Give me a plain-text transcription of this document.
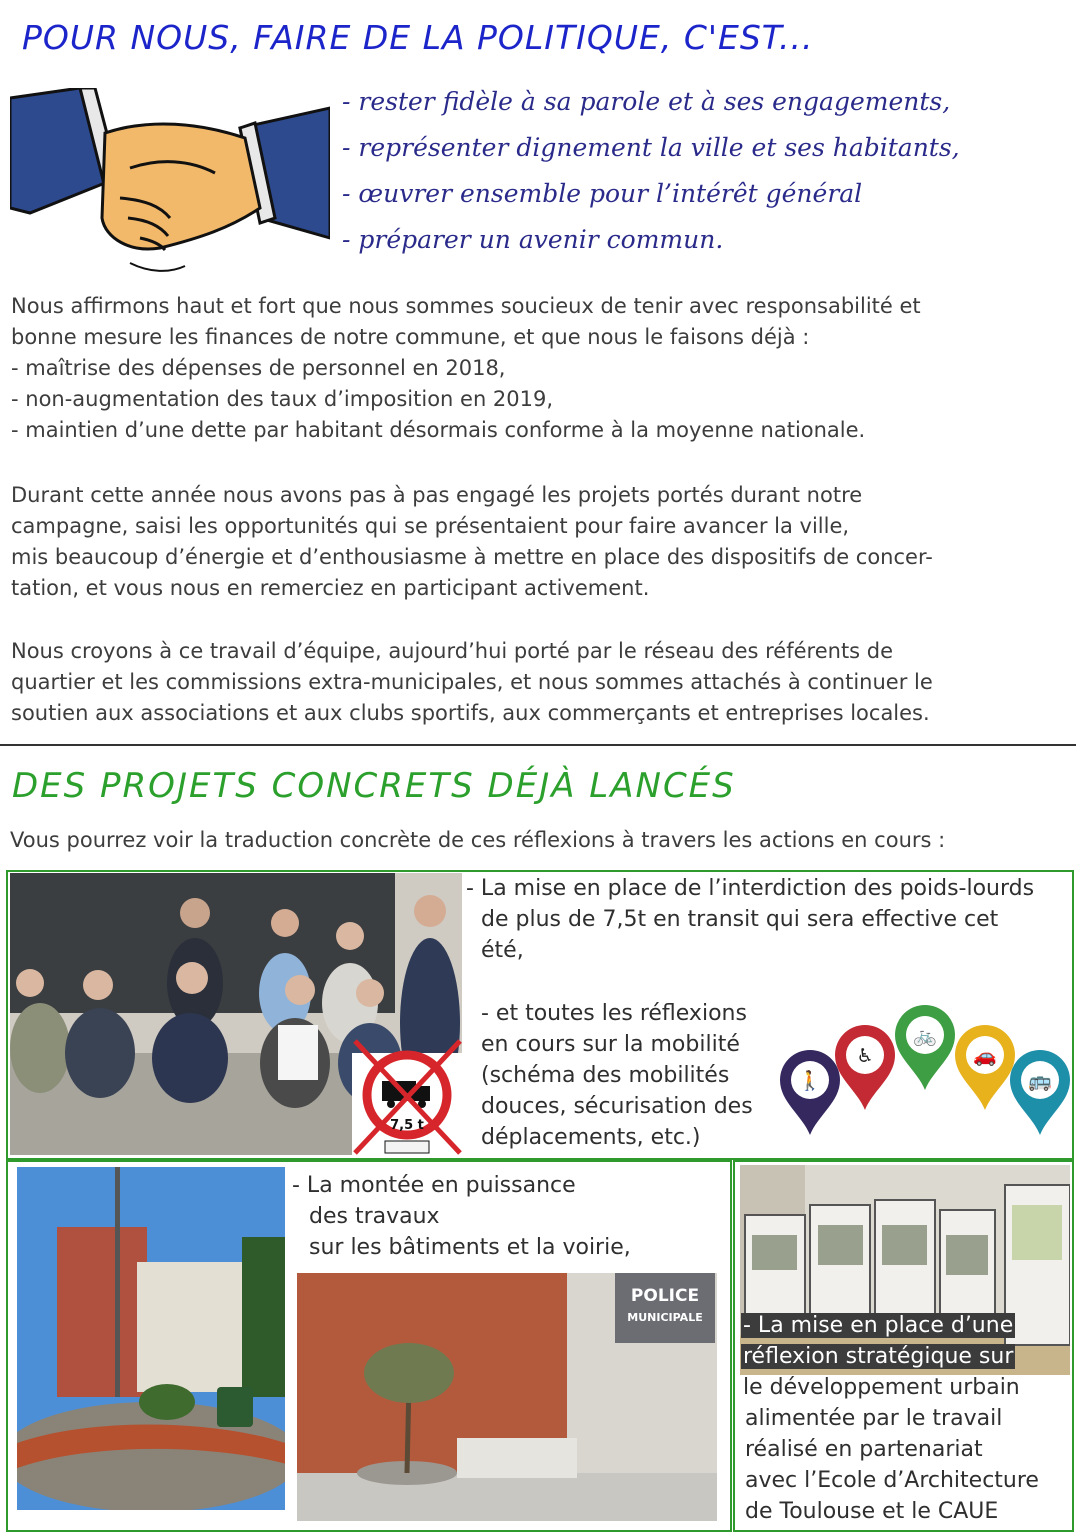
POUR NOUS, FAIRE DE LA POLITIQUE, C'EST...
- rester fidèle à sa parole et à ses engagements,
- représenter dignement la ville et ses habitants,
- œuvrer ensemble pour l’intérêt général
- préparer un avenir commun.
Nous affirmons haut et fort que nous sommes soucieux de tenir avec responsabilité et
bonne mesure les finances de notre commune, et que nous le faisons déjà :
- maîtrise des dépenses de personnel en 2018,
- non-augmentation des taux d’imposition en 2019,
- maintien d’une dette par habitant désormais conforme à la moyenne nationale.
Durant cette année nous avons pas à pas engagé les projets portés durant notre
campagne, saisi les opportunités qui se présentaient pour faire avancer la ville,
mis beaucoup d’énergie et d’enthousiasme à mettre en place des dispositifs de concer-
tation, et vous nous en remerciez en participant activement.
Nous croyons à ce travail d’équipe, aujourd’hui porté par le réseau des référents de
quartier et les commissions extra-municipales, et nous sommes attachés à continuer le
soutien aux associations et aux clubs sportifs, aux commerçants et entreprises locales.
DES PROJETS CONCRETS DÉJÀ LANCÉS
Vous pourrez voir la traduction concrète de ces réflexions à travers les actions en cours :
7,5 t
- La mise en place de l’interdiction des poids-lourds
de plus de 7,5t en transit qui sera effective cet
été,
- et toutes les réflexions
en cours sur la mobilité
(schéma des mobilités
douces, sécurisation des
déplacements, etc.)
🚶
♿
🚲
🚗
🚌
- La montée en puissance
des travaux
sur les bâtiments et la voirie,
POLICE
MUNICIPALE - La mise en place d’une
réflexion stratégique sur
le développement urbain
alimentée par le travail
réalisé en partenariat
avec l’Ecole d’Architecture
de Toulouse et le CAUE
